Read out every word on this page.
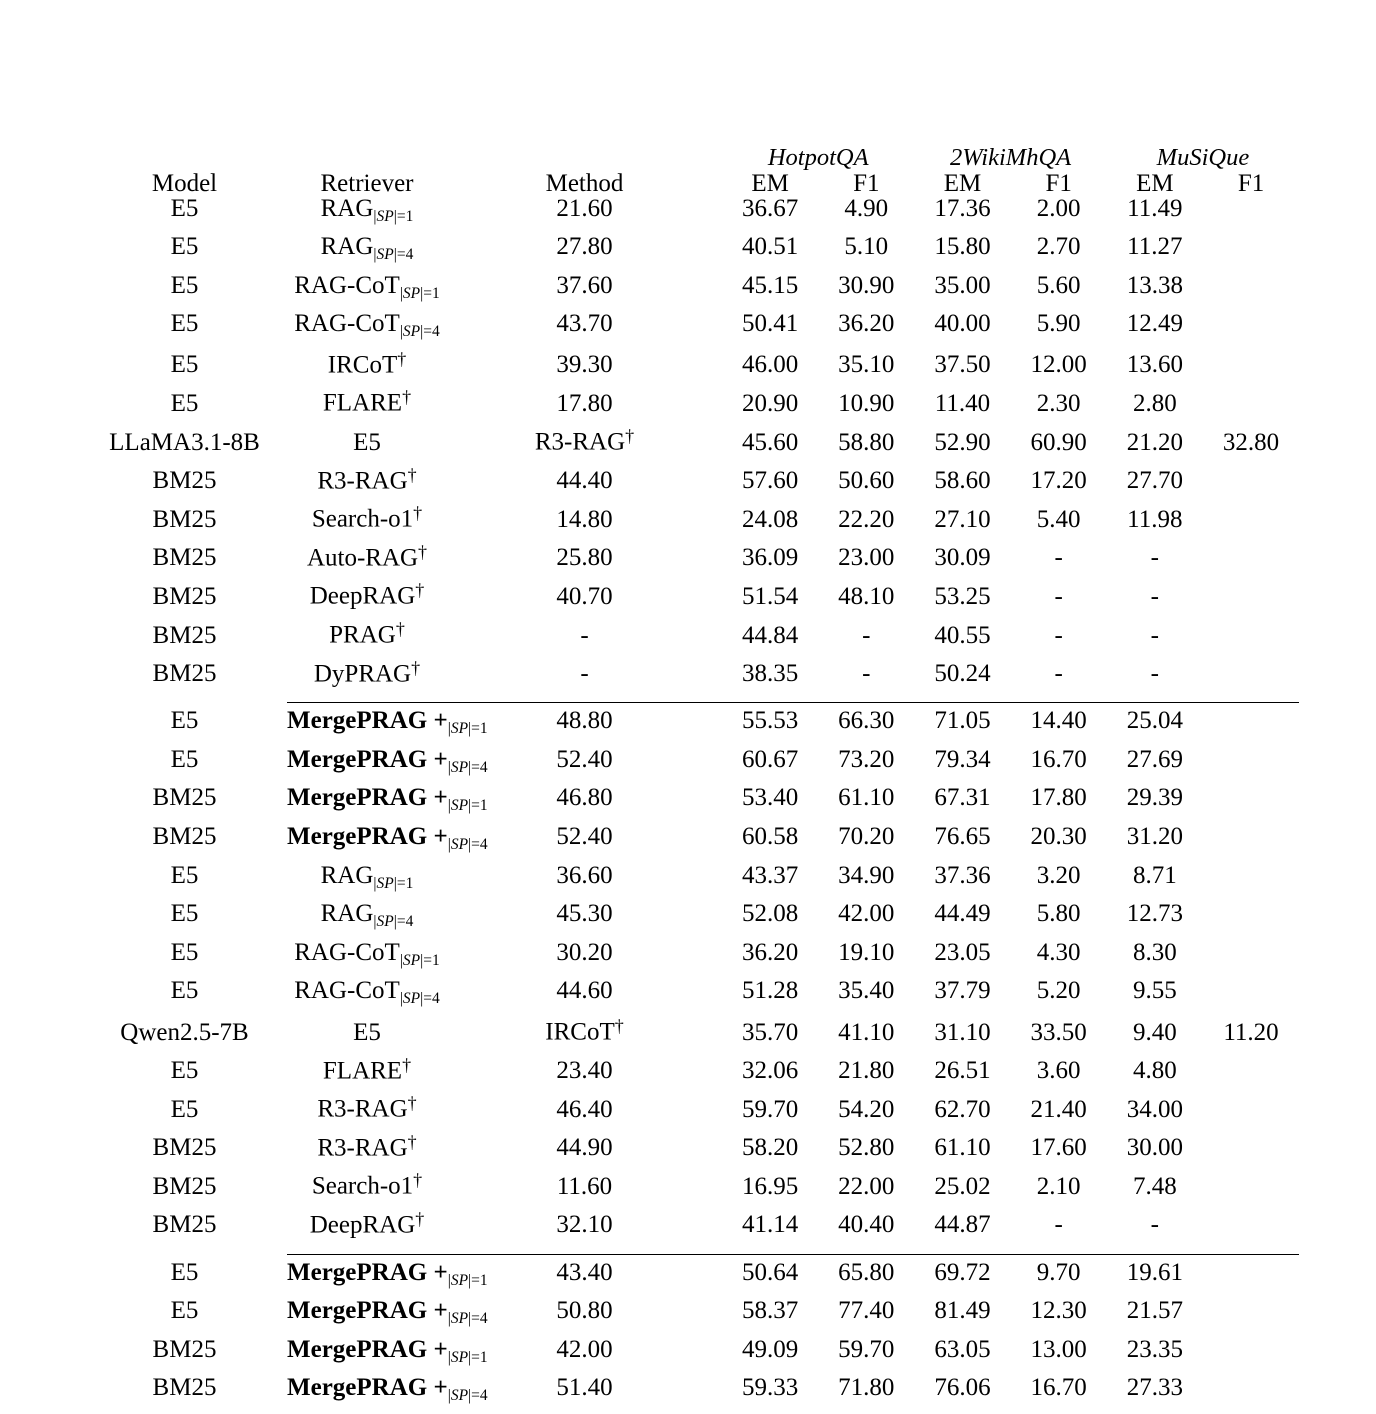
			HotpotQA		2WikiMhQA		MuSiQue	
Model	Retriever	Method	EM	F1	EM	F1	EM	F1

E5	$RAG_{|SP|=1}$	21.60	36.67	4.90	17.36	2.00	11.49	
E5	$RAG_{|SP|=4}$	27.80	40.51	5.10	15.80	2.70	11.27	
E5	RAG-CoT$_{|SP|=1}$	37.60	45.15	30.90	35.00	5.60	13.38	
E5	RAG-CoT$_{|SP|=4}$	43.70	50.41	36.20	40.00	5.90	12.49	
E5	IRCoT†	39.30	46.00	35.10	37.50	12.00	13.60	
E5	FLARE†	17.80	20.90	10.90	11.40	2.30	2.80	
LLaMA3.1-8B	E5	R3-RAG†	45.60	58.80	52.90	60.90	21.20	32.80
BM25	R3-RAG†	44.40	57.60	50.60	58.60	17.20	27.70	
BM25	Search-o1†	14.80	24.08	22.20	27.10	5.40	11.98	
BM25	Auto-RAG†	25.80	36.09	23.00	30.09	-	-	
BM25	DeepRAG†	40.70	51.54	48.10	53.25	-	-	
BM25	PRAG†	-	44.84	-	40.55	-	-	
BM25	DyPRAG†	-	38.35	-	50.24	-	-	

E5	MergePRAG $+_{|SP|=1}$	48.80	55.53	66.30	71.05	14.40	25.04	
E5	MergePRAG $+_{|SP|=4}$	52.40	60.67	73.20	79.34	16.70	27.69	
BM25	MergePRAG $+_{|SP|=1}$	46.80	53.40	61.10	67.31	17.80	29.39	
BM25	MergePRAG $+_{|SP|=4}$	52.40	60.58	70.20	76.65	20.30	31.20	

E5	$RAG_{|SP|=1}$	36.60	43.37	34.90	37.36	3.20	8.71	
E5	$RAG_{|SP|=4}$	45.30	52.08	42.00	44.49	5.80	12.73	
E5	RAG-CoT$_{|SP|=1}$	30.20	36.20	19.10	23.05	4.30	8.30	
E5	RAG-CoT$_{|SP|=4}$	44.60	51.28	35.40	37.79	5.20	9.55	
Qwen2.5-7B	E5	IRCoT†	35.70	41.10	31.10	33.50	9.40	11.20
E5	FLARE†	23.40	32.06	21.80	26.51	3.60	4.80	
E5	R3-RAG†	46.40	59.70	54.20	62.70	21.40	34.00	
BM25	R3-RAG†	44.90	58.20	52.80	61.10	17.60	30.00	
BM25	Search-o1†	11.60	16.95	22.00	25.02	2.10	7.48	
BM25	DeepRAG†	32.10	41.14	40.40	44.87	-	-	

E5	MergePRAG $+_{|SP|=1}$	43.40	50.64	65.80	69.72	9.70	19.61	
E5	MergePRAG $+_{|SP|=4}$	50.80	58.37	77.40	81.49	12.30	21.57	
BM25	MergePRAG $+_{|SP|=1}$	42.00	49.09	59.70	63.05	13.00	23.35	
BM25	MergePRAG $+_{|SP|=4}$	51.40	59.33	71.80	76.06	16.70	27.33	
